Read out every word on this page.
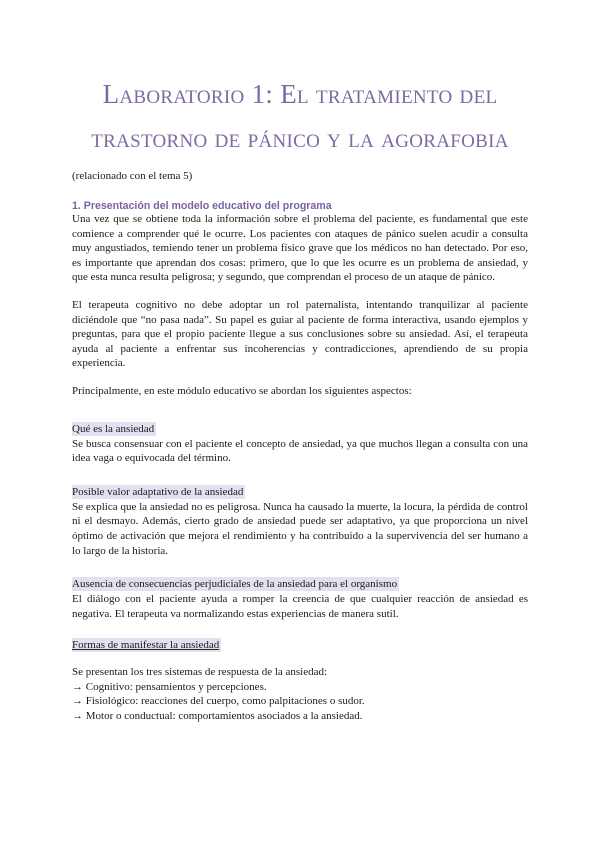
Laboratorio 1: El tratamiento del trastorno de pánico y la agorafobia
(relacionado con el tema 5)
1. Presentación del modelo educativo del programa

Una vez que se obtiene toda la información sobre el problema del paciente, es fundamental que este comience a comprender qué le ocurre. Los pacientes con ataques de pánico suelen acudir a consulta muy angustiados, temiendo tener un problema físico grave que los médicos no han detectado. Por eso, es importante que aprendan dos cosas: primero, que lo que les ocurre es un problema de ansiedad, y que esta nunca resulta peligrosa; y segundo, que comprendan el proceso de un ataque de pánico.

El terapeuta cognitivo no debe adoptar un rol paternalista, intentando tranquilizar al paciente diciéndole que “no pasa nada”. Su papel es guiar al paciente de forma interactiva, usando ejemplos y preguntas, para que el propio paciente llegue a sus conclusiones sobre su ansiedad. Así, el terapeuta ayuda al paciente a enfrentar sus incoherencias y contradicciones, aprendiendo de su propia experiencia.

Principalmente, en este módulo educativo se abordan los siguientes aspectos:

Qué es la ansiedad

Se busca consensuar con el paciente el concepto de ansiedad, ya que muchos llegan a consulta con una idea vaga o equivocada del término.

Posible valor adaptativo de la ansiedad

Se explica que la ansiedad no es peligrosa. Nunca ha causado la muerte, la locura, la pérdida de control ni el desmayo. Además, cierto grado de ansiedad puede ser adaptativo, ya que proporciona un nivel óptimo de activación que mejora el rendimiento y ha contribuido a la supervivencia del ser humano a lo largo de la historia.

Ausencia de consecuencias perjudiciales de la ansiedad para el organismo

El diálogo con el paciente ayuda a romper la creencia de que cualquier reacción de ansiedad es negativa. El terapeuta va normalizando estas experiencias de manera sutil.

Formas de manifestar la ansiedad

Se presentan los tres sistemas de respuesta de la ansiedad:

→ Cognitivo: pensamientos y percepciones.
→ Fisiológico: reacciones del cuerpo, como palpitaciones o sudor.
→ Motor o conductual: comportamientos asociados a la ansiedad.
